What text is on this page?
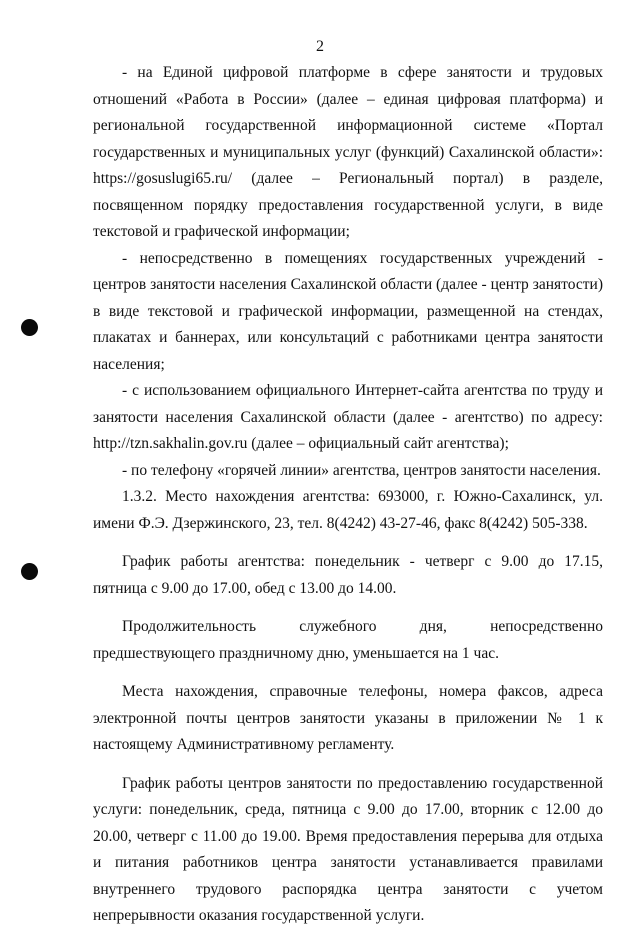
2

- на Единой цифровой платформе в сфере занятости и трудовых отношений «Работа в России» (далее – единая цифровая платформа) и региональной государственной информационной системе «Портал государственных и муниципальных услуг (функций) Сахалинской области»: https://gosuslugi65.ru/ (далее – Региональный портал) в разделе, посвященном порядку предоставления государственной услуги, в виде текстовой и графической информации;

- непосредственно в помещениях государственных учреждений - центров занятости населения Сахалинской области (далее - центр занятости) в виде текстовой и графической информации, размещенной на стендах, плакатах и баннерах, или консультаций с работниками центра занятости населения;

- с использованием официального Интернет-сайта агентства по труду и занятости населения Сахалинской области (далее - агентство) по адресу: http://tzn.sakhalin.gov.ru (далее – официальный сайт агентства);

- по телефону «горячей линии» агентства, центров занятости населения.

1.3.2. Место нахождения агентства: 693000, г. Южно-Сахалинск, ул. имени Ф.Э. Дзержинского, 23, тел. 8(4242) 43-27-46, факс 8(4242) 505-338.

График работы агентства: понедельник - четверг с 9.00 до 17.15, пятница с 9.00 до 17.00, обед с 13.00 до 14.00.

Продолжительность служебного дня, непосредственно предшествующего праздничному дню, уменьшается на 1 час.

Места нахождения, справочные телефоны, номера факсов, адреса электронной почты центров занятости указаны в приложении № 1 к настоящему Административному регламенту.

График работы центров занятости по предоставлению государственной услуги: понедельник, среда, пятница с 9.00 до 17.00, вторник с 12.00 до 20.00, четверг с 11.00 до 19.00. Время предоставления перерыва для отдыха и питания работников центра занятости устанавливается правилами внутреннего трудового распорядка центра занятости с учетом непрерывности оказания государственной услуги.
